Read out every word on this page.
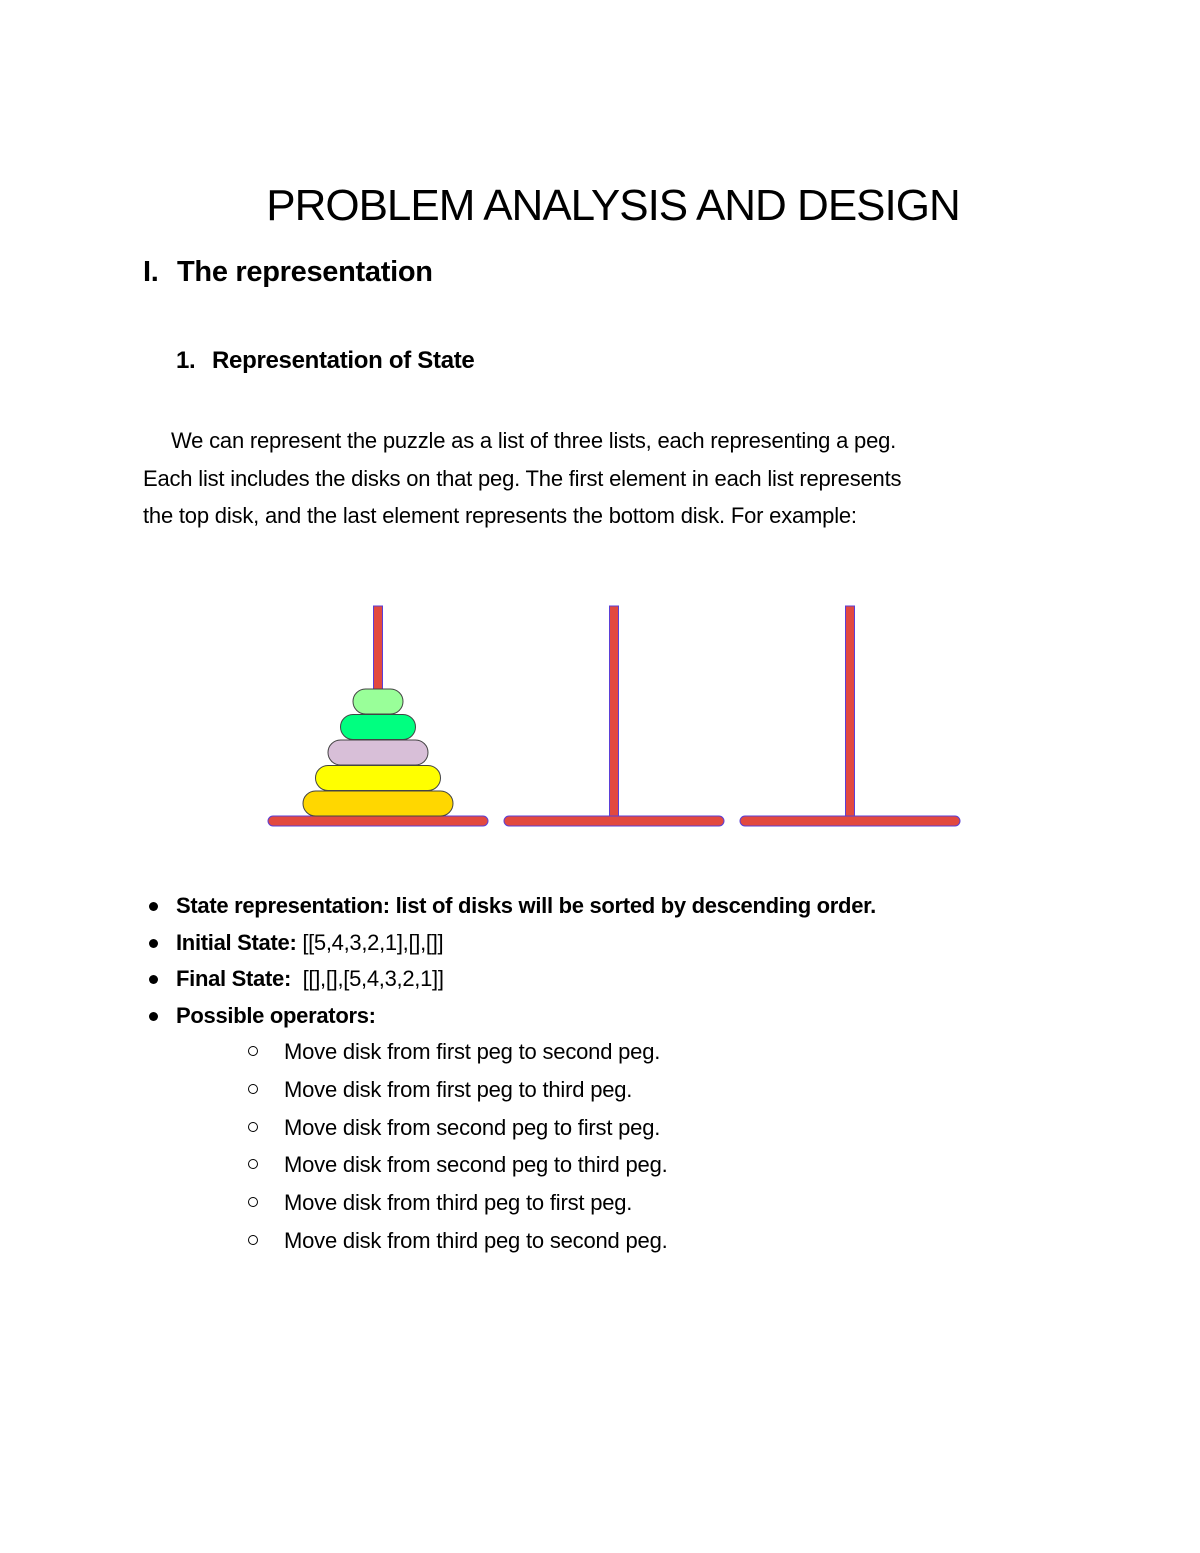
PROBLEM ANALYSIS AND DESIGN
I. The representation
1. Representation of State

We can represent the puzzle as a list of three lists, each representing a peg.
Each list includes the disks on that peg. The first element in each list represents
the top disk, and the last element represents the bottom disk. For example:

State representation: list of disks will be sorted by descending order.
Initial State: [[5,4,3,2,1],[],[]]
Final State: [[],[],[5,4,3,2,1]]
Possible operators:
Move disk from first peg to second peg.
Move disk from first peg to third peg.
Move disk from second peg to first peg.
Move disk from second peg to third peg.
Move disk from third peg to first peg.
Move disk from third peg to second peg.
